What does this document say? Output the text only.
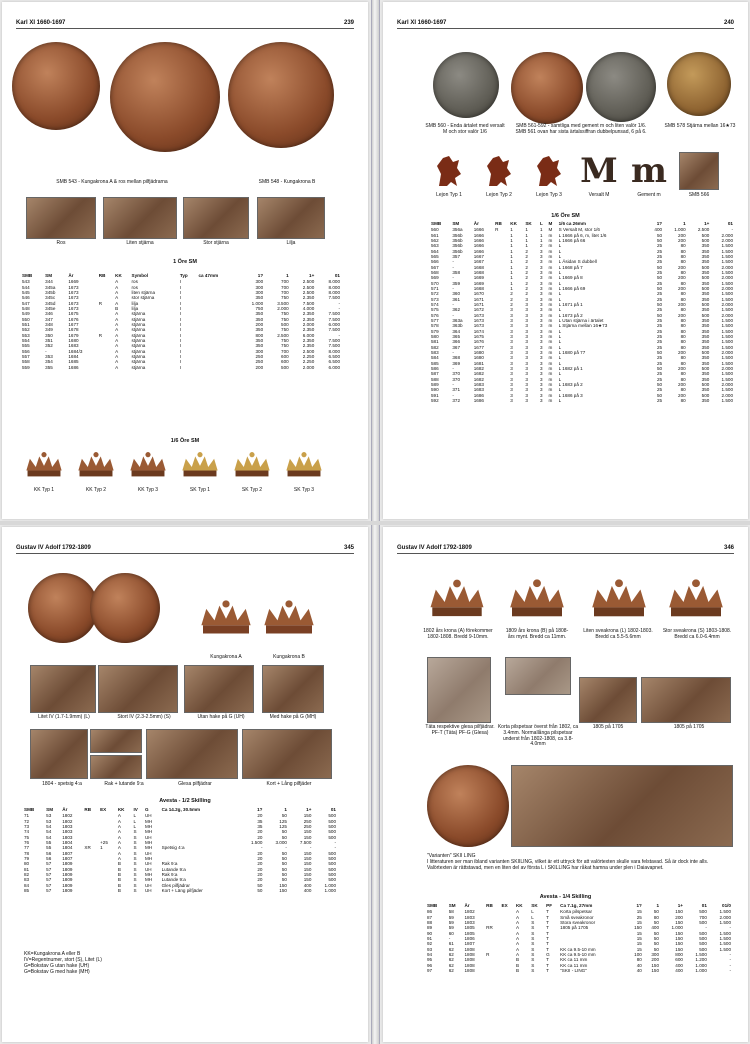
Karl XI 1660-1697	239
SMB 543 - Kungakrona A & ros mellan pilfjädrarna	SMB 548 - Kungakrona B
Ros	Liten stjärna	Stor stjärna	Lilja
1 Öre SM
SMB	SM	År	RB	KK	Symbol	Typ	ca 47mm	1?	1	1+	01
543	344	1669		A	ros	I		300	700	2.500	8.000
544	345a	1673		A	ros	I		300	700	2.500	8.000
545	345b	1673		A	liten stjärna	I		300	700	2.500	8.000
546	345c	1673		A	stor stjärna	I		350	750	2.350	7.500
547	345d	1673	R	A	lilja	I		1.000	3.500	7.500	-
548	345e	1673		B	lilja	I		750	2.000	4.000	-
549	346	1675		A	stjärna	I		350	750	2.350	7.500
550	347	1676		A	stjärna	I		350	750	2.350	7.500
551	348	1677		A	stjärna	I		200	500	2.000	6.000
552	349	1678		A	stjärna	I		350	750	2.350	7.500
553	350	1679	R	A	stjärna	I		800	2.500	6.000	-
554	351	1680		A	stjärna	I		350	750	2.350	7.500
555	352	1683		A	stjärna	I		350	750	2.350	7.500
556	-	1684/3		A	stjärna	I		300	700	2.500	8.000
557	353	1684		A	stjärna	I		250	600	2.250	6.500
558	354	1685		A	stjärna	I		250	600	2.250	6.500
559	355	1686		A	stjärna	I		200	500	2.000	6.000
1/6 Öre SM
KK Typ 1	KK Typ 2	KK Typ 3	SK Typ 1	SK Typ 2	SK Typ 3
Karl XI 1660-1697	240
SMB 560 - Enda ärtalet med versalt M och stor valör 1/6
SMB 561-592 - samtliga med gement m och liten valör 1/6. SMB 561 ovan har sista ärtalssiffran dubbelpunsad, 6 på 6.
SMB 578 Stjärna mellan 16★73
Lejon Typ 1	Lejon Typ 2	Lejon Typ 3
M
Versalt M
m
Gement m	SMB 566
1/6 Öre SM
SMB	SM	År	RB	KK	SK	L	M	1/6 ca 26mm	1?	1	1+	01
560	356a	1666	R	1	1	1	M	S Versalt M, stor 1/6	400	1.000	2.500	-
561	356b	1666		1	1	1	m	L 1666 på 6, m, litet 1/6	50	200	500	2.000
562	356b	1666		1	1	1	m	L 1666 på 66	50	200	500	2.000
563	356b	1666		1	1	2	m	L	25	80	350	1.500
564	356b	1666		1	2	3	m	L	25	80	350	1.500
565	357	1667		1	2	3	m	L	25	80	350	1.500
566	-	1667		1	2	3	m	L Äsidan S dubbell	25	80	350	1.500
567	-	1668		1	2	3	m	L 1668 på 7	50	200	500	2.000
568	358	1668		1	2	3	m	L	25	80	350	1.500
569	-	1669		1	2	3	m	L 1669 på 8	50	200	500	2.000
570	359	1669		1	2	3	m	L	25	80	350	1.500
571	-	1668		1	2	3	m	L 1666 på 69	50	200	500	2.000
572	360	1670		2	2	3	m	L	25	80	350	1.500
573	361	1671		2	3	3	m	L	25	80	350	1.500
574	-	1671		2	3	3	m	L 1671 på 1	50	200	500	2.000
575	362	1672		3	3	3	m	L	25	80	350	1.500
576	-	1673		3	3	3	m	L 1673 på 2	50	200	500	2.000
577	363a	1673		3	3	3	m	L Utan stjärna i ärtalet	25	80	350	1.500
578	363b	1673		3	3	3	m	L Stjärna mellan 16★73	25	80	350	1.500
579	364	1674		3	3	3	m	L	25	80	350	1.500
580	365	1675		3	3	3	m	L	25	80	350	1.500
581	366	1676		3	3	3	m	L	25	80	350	1.500
582	367	1677		3	3	3	m	L	25	80	350	1.500
583	-	1680		3	3	3	m	L 1680 på 77	50	200	500	2.000
584	368	1680		3	3	3	m	L	25	80	350	1.500
585	369	1681		3	3	3	m	L	25	80	350	1.500
586	-	1682		3	3	3	m	L 1682 på 1	50	200	500	2.000
587	370	1682		3	3	3	m	L	25	80	350	1.500
588	370	1682		3	3	3	m	L	25	80	350	1.500
589	-	1683		3	3	3	m	L 1683 på 2	50	200	500	2.000
590	371	1683		3	3	3	m	L	25	80	350	1.500
591	-	1686		3	3	3	m	L 1686 på 3	50	200	500	2.000
592	372	1686		3	3	3	m	L	25	80	350	1.500
Gustav IV Adolf 1792-1809	345
Kungakrona A	Kungakrona B
Litet IV (1.7-1.9mm) (L)	Stort IV (2.3-2.5mm) (S)	Utan hake på G (UH)	Med hake på G (MH)
1804 - spetsig 4:a	Rak + lutande 9:a	Glesa pilfjädrar	Kort + Lång pilfjäder
Avesta - 1/2 Skilling
SMB	SM	År	RB	EX	KK	IV	G	Ca 14.2g, 30.5mm	1?	1	1+	01
71	53	1802			A	L	UH		20	50	150	500
72	53	1802			A	L	MH		35	125	250	500
73	54	1803			A	L	MH		35	125	250	500
74	54	1803			A	S	MH		20	50	150	500
75	54	1803			A	S	UH		20	50	150	500
76	55	1804		+25	A	S	MH		1.500	3.000	7.500	-
77	55	1804	XR	1	A	S	MH	Spetsig 4:a	-	-	-	-
78	56	1807			A	S	UH		20	50	150	500
79	56	1807			A	S	MH		20	50	150	500
80	57	1809			B	S	UH	Rak 9:a	20	50	150	500
81	57	1809			B	S	UH	Lutande 9:a	20	50	150	500
82	57	1809			B	S	MH	Rak 9:a	20	50	150	500
83	57	1809			B	S	MH	Lutande 9:a	20	50	150	500
84	57	1809			B	S	UH	Gles pilfjädrar	50	150	400	1.000
85	57	1809			B	S	UH	Kort + Läng pilfjäder	50	150	400	1.000
KK=Kungakrona A eller B
IV=Regentnumer, stort (S), Litet (L)
G=Bokstav G utan hake (UH)
G=Bokstav G med hake (MH)
Gustav IV Adolf 1792-1809	346
1802 års krona (A) förekommer 1802-1808. Bredd 9-10mm.
1809 års krona (B) på 1808-års mynt. Bredd ca 11mm.
Liten sveakrona (L) 1802-1803. Bredd ca 5.5-5.6mm
Stor sveakrona (S) 1803-1808. Bredd ca 6.0-6.4mm
Täta respektive glesa pilfjädrar. PF-T (Täta) PF-G (Glesa)
Korta pilspetsar överst från 1802, ca 3.4mm. Normallånga pilspetsar underst från 1802-1808, ca 3.8-4.0mm
1805 på 1705	1805 på 1705
"Varianten" SKII LING
I litteraturen ser man ibland varianten SKIILING, vilket är ett uttryck för att valörtexten skulle vara felstavad. Så är dock inte alls. Valörtexten är rättstavad, men en liten del av första L i SKILLING har råkat hamna under plen i Daiavapnet.
Avesta - 1/4 Skilling
SMB	SM	År	RB	EX	KK	SK	PF	Ca 7.1g, 27mm	1?	1	1+	01	01/0
86	58	1802			A	L	T	Korta pilspetsar	15	50	150	500	1.500
87	59	1803			A	L	T	Små sveakronor	25	80	200	700	2.000
88	59	1803			A	S	T	Stora sveakronor	15	50	150	500	1.500
89	59	1805	RR		A	S	T	1805 på 1705	150	400	1.000	-	-
90	60	1805			A	S	T		15	50	150	500	1.500
91	-	1806			A	S	T		15	50	150	500	1.500
92	61	1807			A	S	T		15	50	150	500	1.500
93	62	1808			A	S	T	KK ca 9.5-10 mm	15	50	150	500	1.500
94	62	1808	R		A	S	G	KK ca 9.5-10 mm	100	300	800	1.500	-
95	62	1808			B	S	T	KK ca 11 mm	80	200	600	1.200	-
96	62	1808			B	S	T	KK ca 11 mm	40	150	400	1.000	-
97	62	1808			B	S	T	"SKII - LING"	40	150	400	1.000	-
